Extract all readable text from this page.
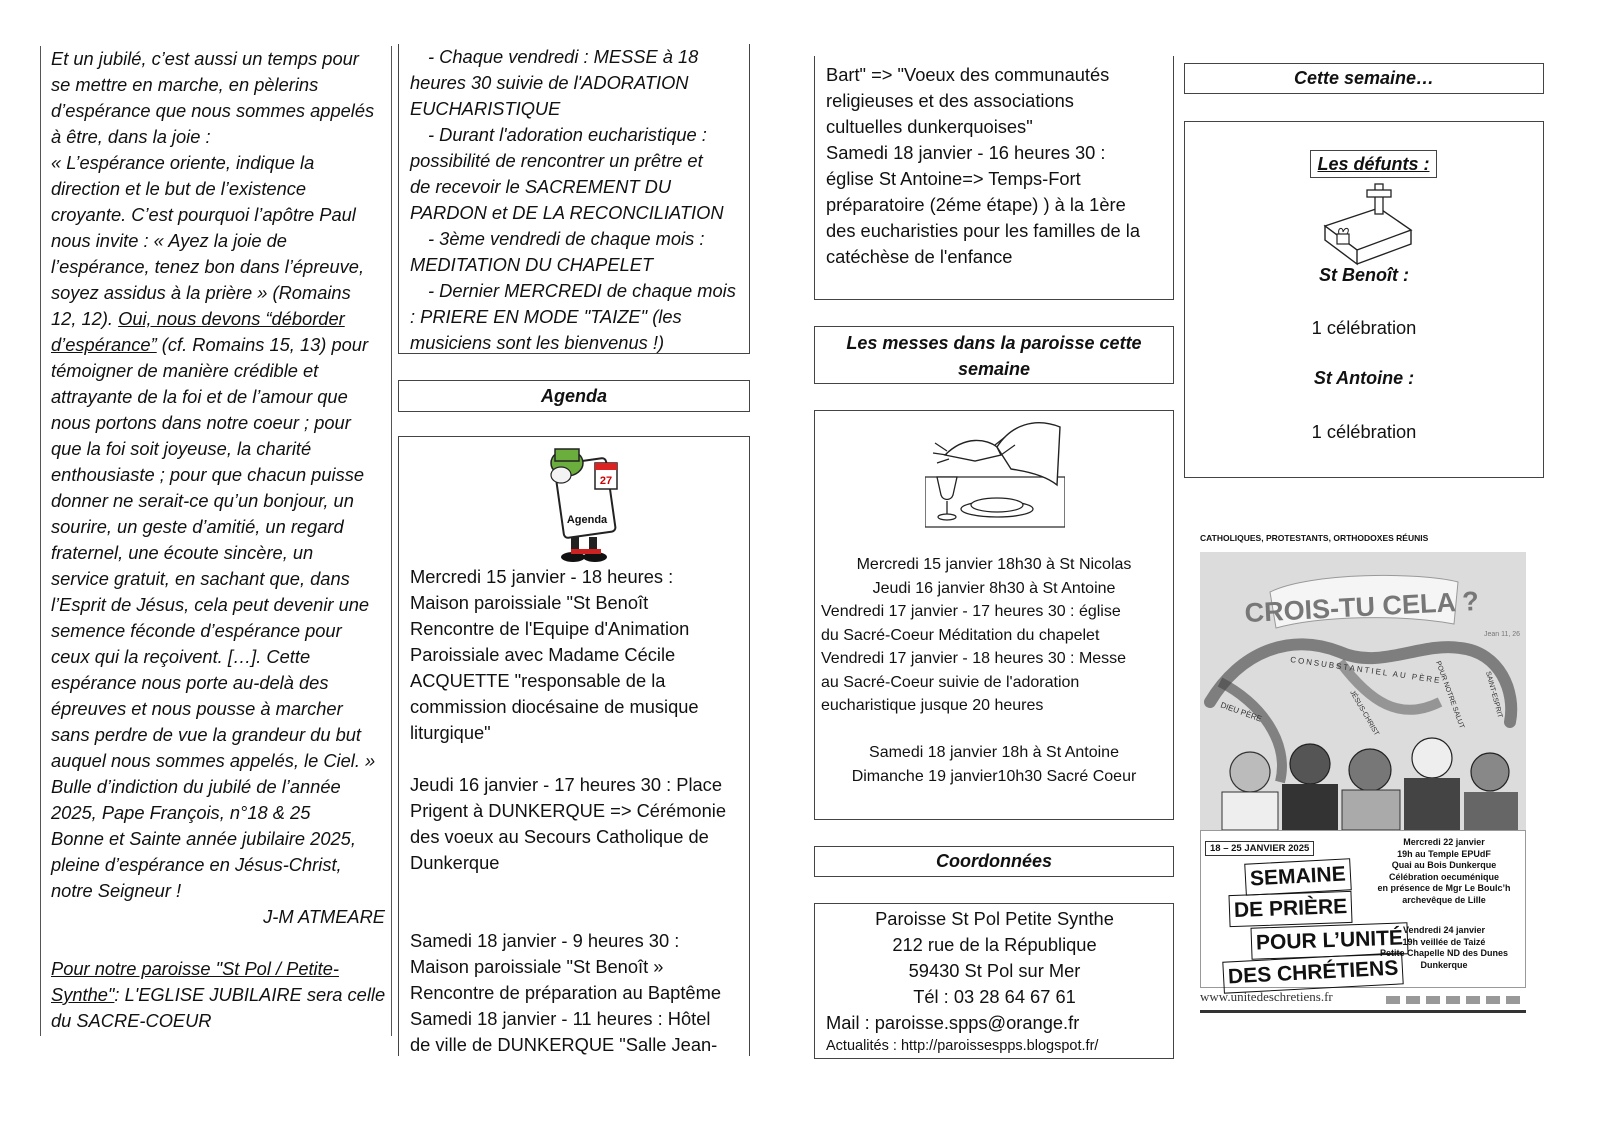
Et un jubilé, c’est aussi un temps pour
se mettre en marche, en pèlerins
d’espérance que nous sommes appelés
à être, dans la joie :
« L’espérance oriente, indique la
direction et le but de l’existence
croyante. C’est pourquoi l’apôtre Paul
nous invite : « Ayez la joie de
l’espérance, tenez bon dans l’épreuve,
soyez assidus à la prière » (Romains
12, 12). Oui, nous devons “déborder
d’espérance” (cf. Romains 15, 13) pour
témoigner de manière crédible et
attrayante de la foi et de l’amour que
nous portons dans notre coeur ; pour
que la foi soit joyeuse, la charité
enthousiaste ; pour que chacun puisse
donner ne serait-ce qu’un bonjour, un
sourire, un geste d’amitié, un regard
fraternel, une écoute sincère, un
service gratuit, en sachant que, dans
l’Esprit de Jésus, cela peut devenir une
semence féconde d’espérance pour
ceux qui la reçoivent. […]. Cette
espérance nous porte au-delà des
épreuves et nous pousse à marcher
sans perdre de vue la grandeur du but
auquel nous sommes appelés, le Ciel. »
Bulle d’indiction du jubilé de l’année
2025, Pape François, n°18 & 25
Bonne et Sainte année jubilaire 2025,
pleine d’espérance en Jésus-Christ,
notre Seigneur !
J-M ATMEARE

Pour notre paroisse "St Pol / Petite-
Synthe": L'EGLISE JUBILAIRE sera celle
du SACRE-COEUR

- Chaque vendredi : MESSE à 18
heures 30 suivie de l'ADORATION
EUCHARISTIQUE
- Durant l'adoration eucharistique :
possibilité de rencontrer un prêtre et
de recevoir le SACREMENT DU
PARDON et DE LA RECONCILIATION
- 3ème vendredi de chaque mois :
MEDITATION DU CHAPELET
- Dernier MERCREDI de chaque mois
: PRIERE EN MODE "TAIZE" (les
musiciens sont les bienvenus !)
Agenda
27
Agenda
Mercredi 15 janvier - 18 heures :
Maison paroissiale "St Benoît
Rencontre de l'Equipe d'Animation
Paroissiale avec Madame Cécile
ACQUETTE "responsable de la
commission diocésaine de musique
liturgique"

Jeudi 16 janvier - 17 heures 30 : Place
Prigent à DUNKERQUE => Cérémonie
des voeux au Secours Catholique de
Dunkerque

Samedi 18 janvier - 9 heures 30 :
Maison paroissiale "St Benoît »
Rencontre de préparation au Baptême
Samedi 18 janvier - 11 heures : Hôtel
de ville de DUNKERQUE "Salle Jean-
Bart" => "Voeux des communautés
religieuses et des associations
cultuelles dunkerquoises"
Samedi 18 janvier - 16 heures 30 :
église St Antoine=> Temps-Fort
préparatoire (2éme étape) ) à la 1ère
des eucharisties pour les familles de la
catéchèse de l'enfance
Les messes dans la paroisse cette
semaine
Mercredi 15 janvier 18h30 à St Nicolas
Jeudi 16 janvier 8h30 à St Antoine
Vendredi 17 janvier - 17 heures 30 : église
du Sacré-Coeur Méditation du chapelet
Vendredi 17 janvier - 18 heures 30 : Messe
au Sacré-Coeur suivie de l'adoration
eucharistique jusque 20 heures

Samedi 18 janvier 18h à St Antoine
Dimanche 19 janvier10h30 Sacré Coeur
Coordonnées
Paroisse St Pol Petite Synthe
212 rue de la République
59430 St Pol sur Mer
Tél : 03 28 64 67 61
Mail : paroisse.spps@orange.fr
Actualités : http://paroissespps.blogspot.fr/
Cette semaine…
Les défunts :
St Benoît :
1 célébration
St Antoine :
1 célébration
CATHOLIQUES, PROTESTANTS, ORTHODOXES RÉUNIS
CROIS-TU CELA ?
Jean 11, 26
CONSUBSTANTIEL AU PÈRE
DIEU PÈRE	JÉSUS-CHRIST	POUR NOTRE SALUT	SAINT-ESPRIT
18 – 25 JANVIER 2025
SEMAINE
DE PRIÈRE
POUR L’UNITÉ
DES CHRÉTIENS
Mercredi 22 janvier
19h au Temple EPUdF
Quai au Bois Dunkerque
Célébration oecuménique
en présence de Mgr Le Boulc’h
archevêque de Lille
Vendredi 24 janvier
19h veillée de Taizé
Petite Chapelle ND des Dunes
Dunkerque
www.unitedeschretiens.fr
